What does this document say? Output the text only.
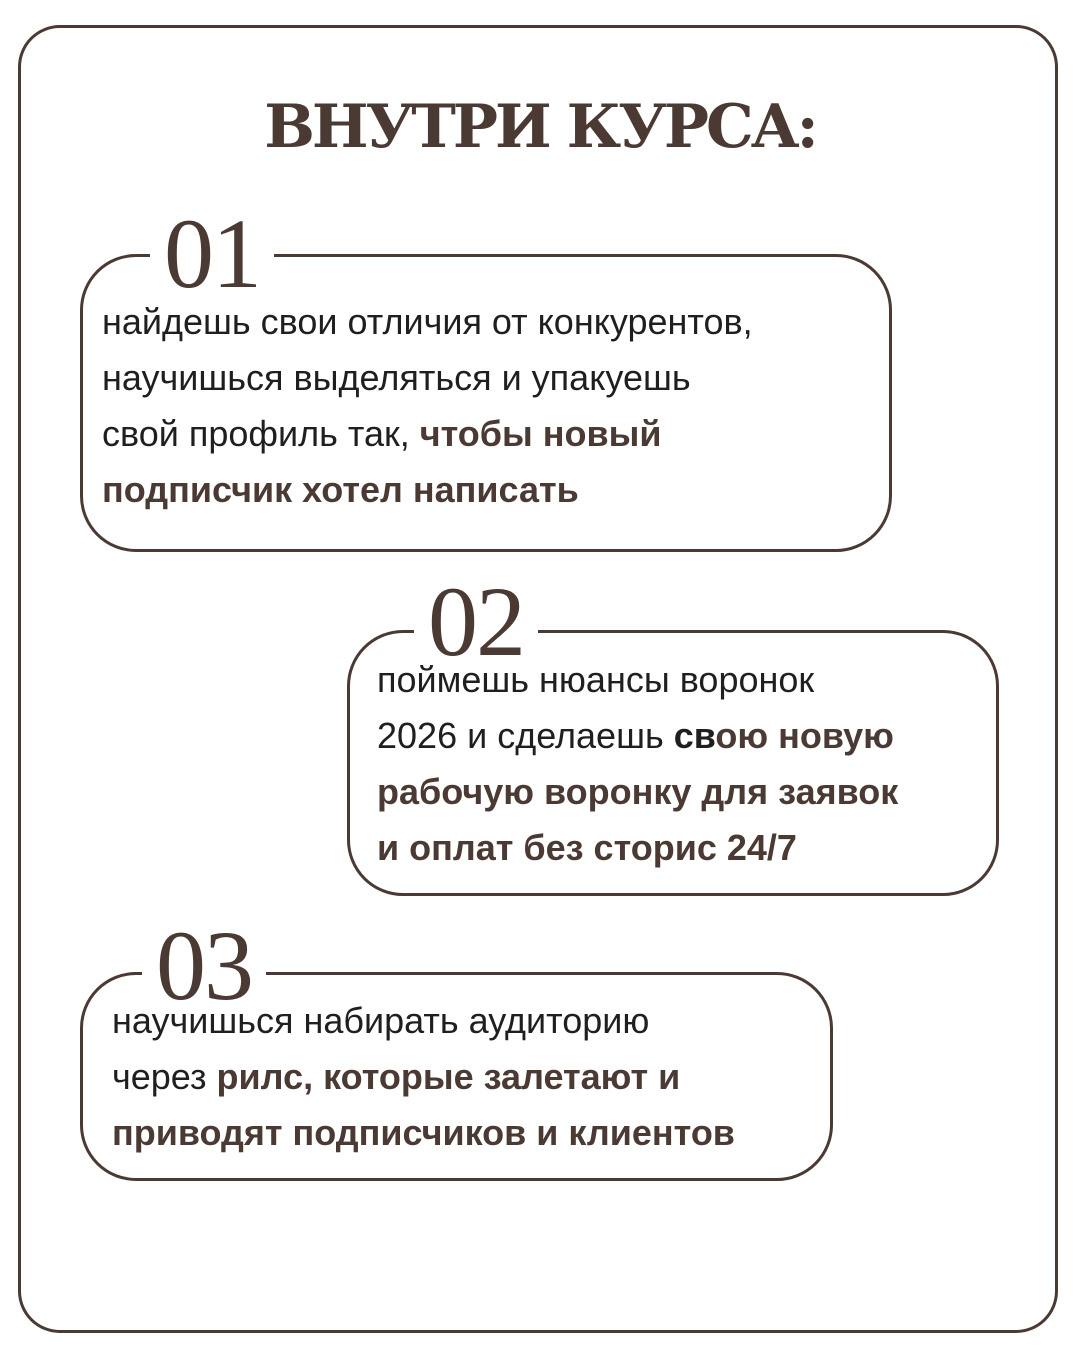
ВНУТРИ КУРСА:
01
найдешь свои отличия от конкурентов,
научишься выделяться и упакуешь
свой профиль так, чтобы новый
подписчик хотел написать
02
поймешь нюансы воронок
2026 и сделаешь свою новую
рабочую воронку для заявок
и оплат без сторис 24/7
03
научишься набирать аудиторию
через рилс, которые залетают и
приводят подписчиков и клиентов
